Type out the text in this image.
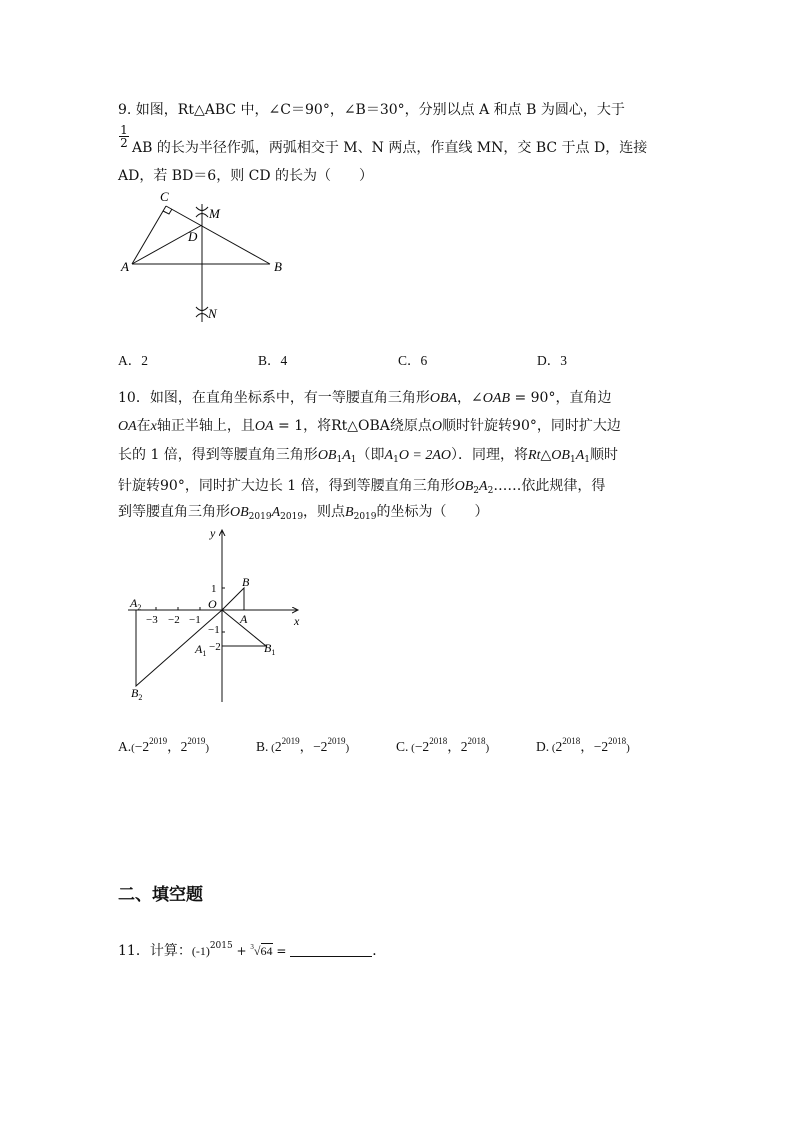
9. 如图，Rt△ABC 中，∠C＝90°，∠B＝30°，分别以点 A 和点 B 为圆心，大于
$\frac{1}{2}$ AB 的长为半径作弧，两弧相交于 M、N 两点，作直线 MN，交 BC 于点 D，连接
AD，若 BD＝6，则 CD 的长为（　　）
C
M
D
A	B
N
A．2	B．4	C．6	D．3
10．如图，在直角坐标系中，有一等腰直角三角形OBA，∠OAB = 90°，直角边
OA在x轴正半轴上，且OA = 1，将Rt△OBA绕原点O顺时针旋转90°，同时扩大边
长的 1 倍，得到等腰直角三角形$OB_1A_1$（即$A_1O = 2AO$）．同理，将$Rt\triangle OB_1A_1$顺时
针旋转90°，同时扩大边长 1 倍，得到等腰直角三角形$OB_2A_2\dots\dots$依此规律，得
到等腰直角三角形$OB_{2019}A_{2019}$，则点$B_{2019}$的坐标为（　　）
y
x
O
1 B
A
$A_2$
−3 −2 −1
−1
$A_1$
−2	$B_1$
$B_2$
$A.(-2^{2019}$，$2^{2019}$)	B. ($2^{2019}$，$-2^{2019}$)	C. ($-2^{2018}$，$2^{2018}$)	D. ($2^{2018}$，$-2^{2018}$)
二、填空题
11．计算：$(-1)^{2015} + ^3√64$ =	．
